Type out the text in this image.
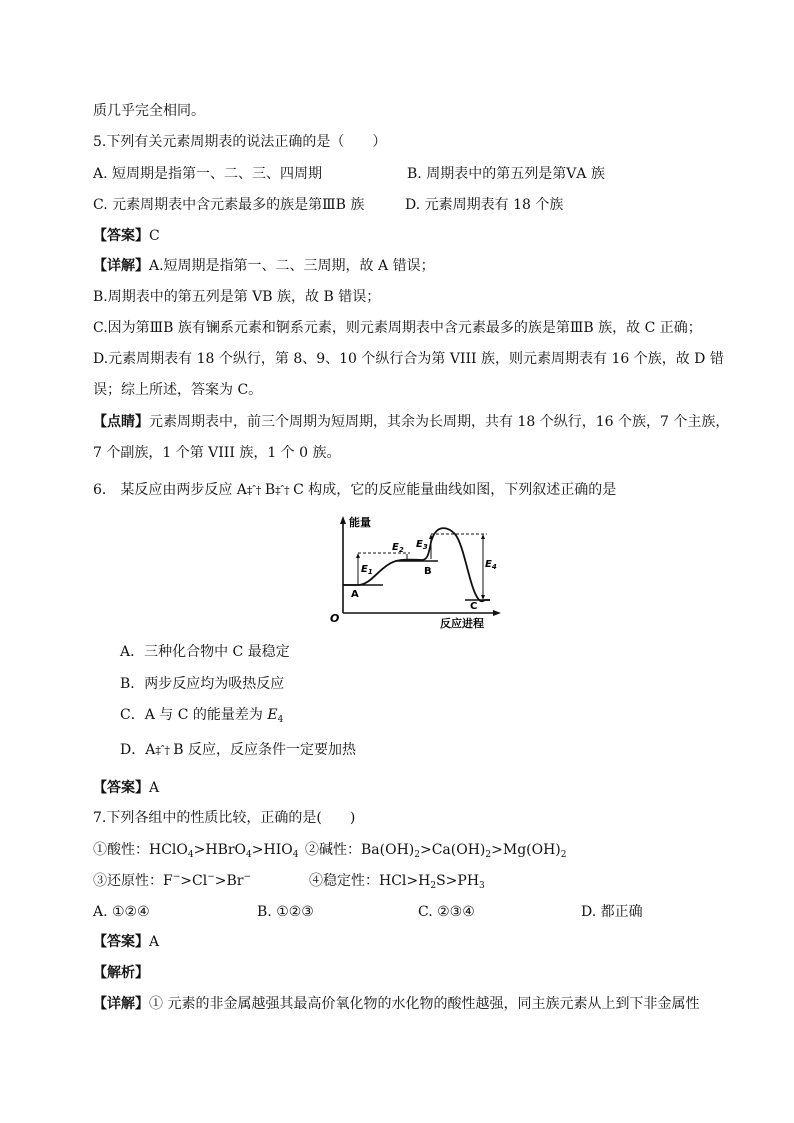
质几乎完全相同。
5.下列有关元素周期表的说法正确的是（　　）
A. 短周期是指第一、二、三、四周期	B. 周期表中的第五列是第ⅤA 族
C. 元素周期表中含元素最多的族是第ⅢB 族	D. 元素周期表有 18 个族
【答案】C
【详解】A.短周期是指第一、二、三周期，故 A 错误；
B.周期表中的第五列是第 VB 族，故 B 错误；
C.因为第ⅢB 族有镧系元素和锕系元素，则元素周期表中含元素最多的族是第ⅢB 族，故 C 正确；
D.元素周期表有 18 个纵行，第 8、9、10 个纵行合为第 VIII 族，则元素周期表有 16 个族，故 D 错
误；综上所述，答案为 C。
【点睛】元素周期表中，前三个周期为短周期，其余为长周期，共有 18 个纵行，16 个族，7 个主族，
7 个副族，1 个第 VIII 族，1 个 0 族。
6． 某反应由两步反应 A‡ˆ† B‡ˆ† C 构成，它的反应能量曲线如图，下列叙述正确的是
能量
反应进程
O
A
B
C
$E_1$
$E_2$ $E_3$
$E_4$
A．三种化合物中 C 最稳定
B．两步反应均为吸热反应
C．A 与 C 的能量差为 $E_4$
D．A‡ˆ† B 反应，反应条件一定要加热
【答案】A
7.下列各组中的性质比较，正确的是(　　)
①酸性：$HClO_4>HBrO_4>HIO_4$ ②碱性：$Ba(OH)_2>Ca(OH)_2>Mg(OH)_2$
③还原性：F−>Cl−>Br−	④稳定性：$HCl>H_2S>PH_3$
A. ①②④	B. ①②③	C. ②③④	D. 都正确
【答案】A
【解析】
【详解】① 元素的非金属越强其最高价氧化物的水化物的酸性越强，同主族元素从上到下非金属性
